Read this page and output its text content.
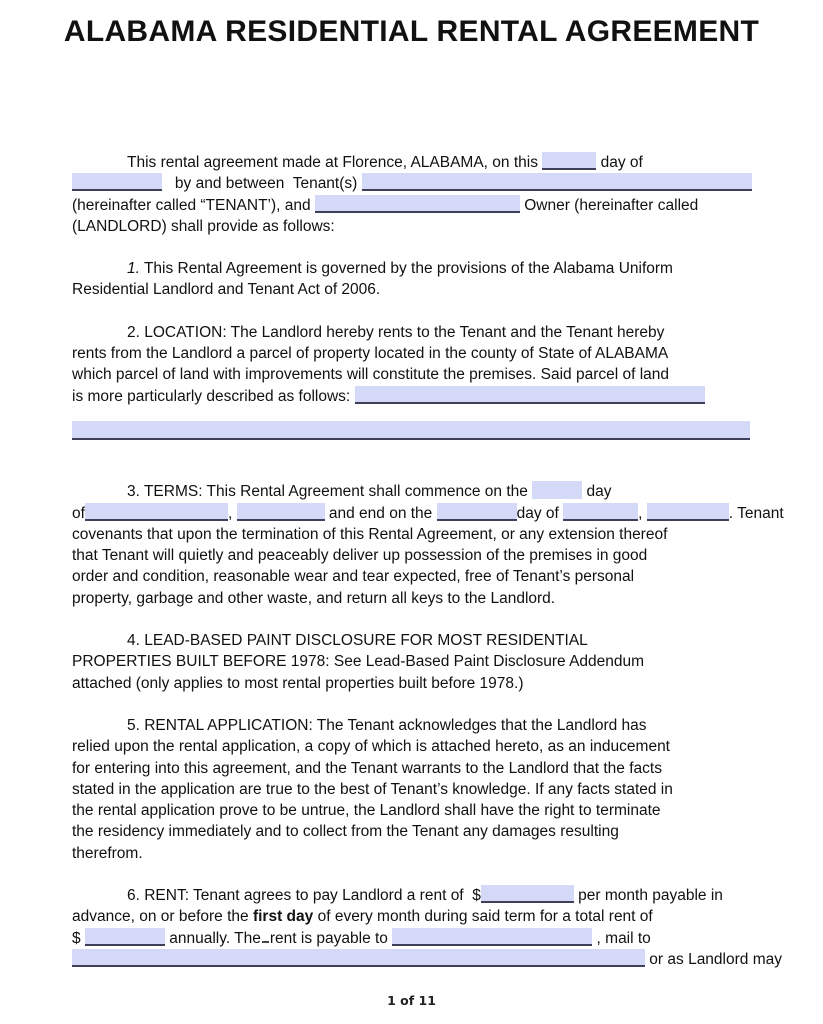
ALABAMA RESIDENTIAL RENTAL AGREEMENT
This rental agreement made at Florence, ALABAMA, on this	day of
by and between  Tenant(s)
(hereinafter called “TENANT’), and	Owner (hereinafter called
(LANDLORD) shall provide as follows:
1. This Rental Agreement is governed by the provisions of the Alabama Uniform
Residential Landlord and Tenant Act of 2006.
2. LOCATION: The Landlord hereby rents to the Tenant and the Tenant hereby
rents from the Landlord a parcel of property located in the county of State of ALABAMA
which parcel of land with improvements will constitute the premises. Said parcel of land
is more particularly described as follows:
3. TERMS: This Rental Agreement shall commence on the	day
of	,	and end on the	day of	,	. Tenant
covenants that upon the termination of this Rental Agreement, or any extension thereof
that Tenant will quietly and peaceably deliver up possession of the premises in good
order and condition, reasonable wear and tear expected, free of Tenant’s personal
property, garbage and other waste, and return all keys to the Landlord.
4. LEAD-BASED PAINT DISCLOSURE FOR MOST RESIDENTIAL
PROPERTIES BUILT BEFORE 1978: See Lead-Based Paint Disclosure Addendum
attached (only applies to most rental properties built before 1978.)
5. RENTAL APPLICATION: The Tenant acknowledges that the Landlord has
relied upon the rental application, a copy of which is attached hereto, as an inducement
for entering into this agreement, and the Tenant warrants to the Landlord that the facts
stated in the application are true to the best of Tenant’s knowledge. If any facts stated in
the rental application prove to be untrue, the Landlord shall have the right to terminate
the residency immediately and to collect from the Tenant any damages resulting
therefrom.
6. RENT: Tenant agrees to pay Landlord a rent of  $	per month payable in
advance, on or before the first day of every month during said term for a total rent of
$	annually. The rent is payable to	, mail to
or as Landlord may
1 of 11
